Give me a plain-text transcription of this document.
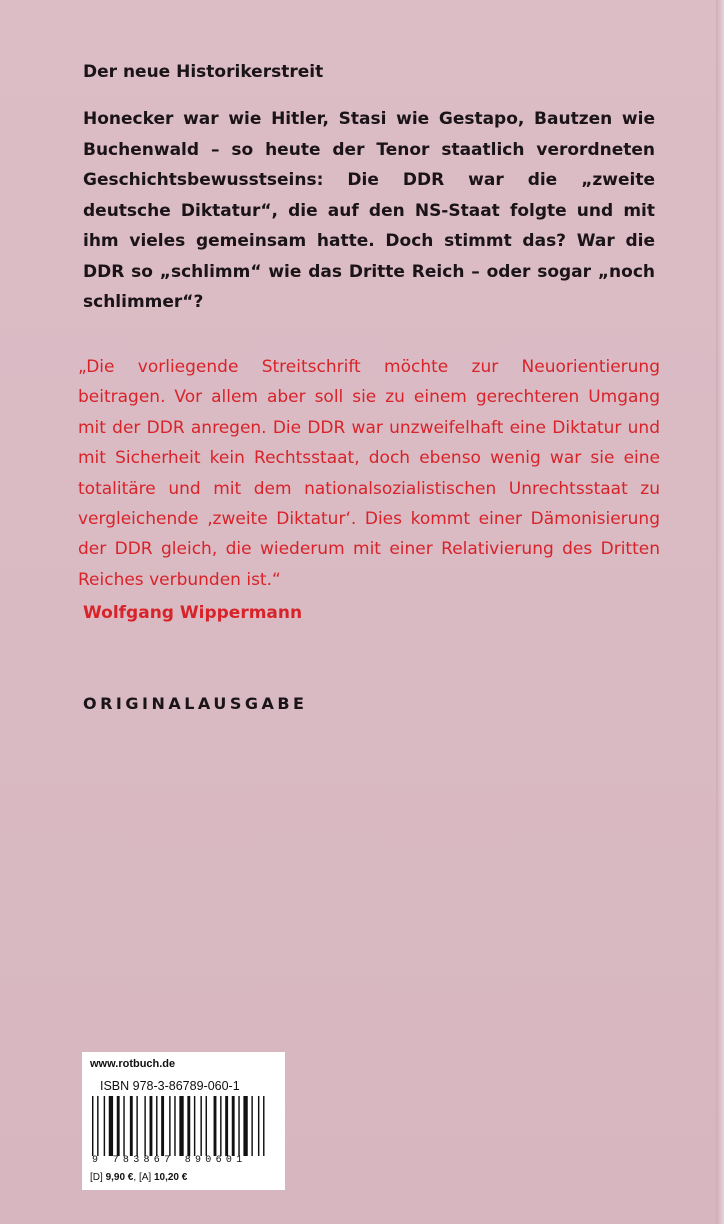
Der neue Historikerstreit

Honecker war wie Hitler, Stasi wie Gestapo, Bautzen wie Buchenwald – so heute der Tenor staatlich verordneten Geschichtsbewusstseins: Die DDR war die „zweite deutsche Diktatur“, die auf den NS-Staat folgte und mit ihm vieles gemeinsam hatte. Doch stimmt das? War die DDR so „schlimm“ wie das Dritte Reich – oder sogar „noch schlimmer“?

„Die vorliegende Streitschrift möchte zur Neuorientierung beitragen. Vor allem aber soll sie zu einem gerechteren Umgang mit der DDR anregen. Die DDR war unzweifelhaft eine Diktatur und mit Sicherheit kein Rechtsstaat, doch ebenso wenig war sie eine totalitäre und mit dem nationalsozialistischen Unrechtsstaat zu vergleichende ‚zweite Diktatur‘. Dies kommt einer Dämonisierung der DDR gleich, die wiederum mit einer Relativierung des Dritten Reiches verbunden ist.“

Wolfgang Wippermann

ORIGINALAUSGABE

www.rotbuch.de

ISBN 978-3-86789-060-1

9 783867 890601

[D] 9,90 €, [A] 10,20 €
